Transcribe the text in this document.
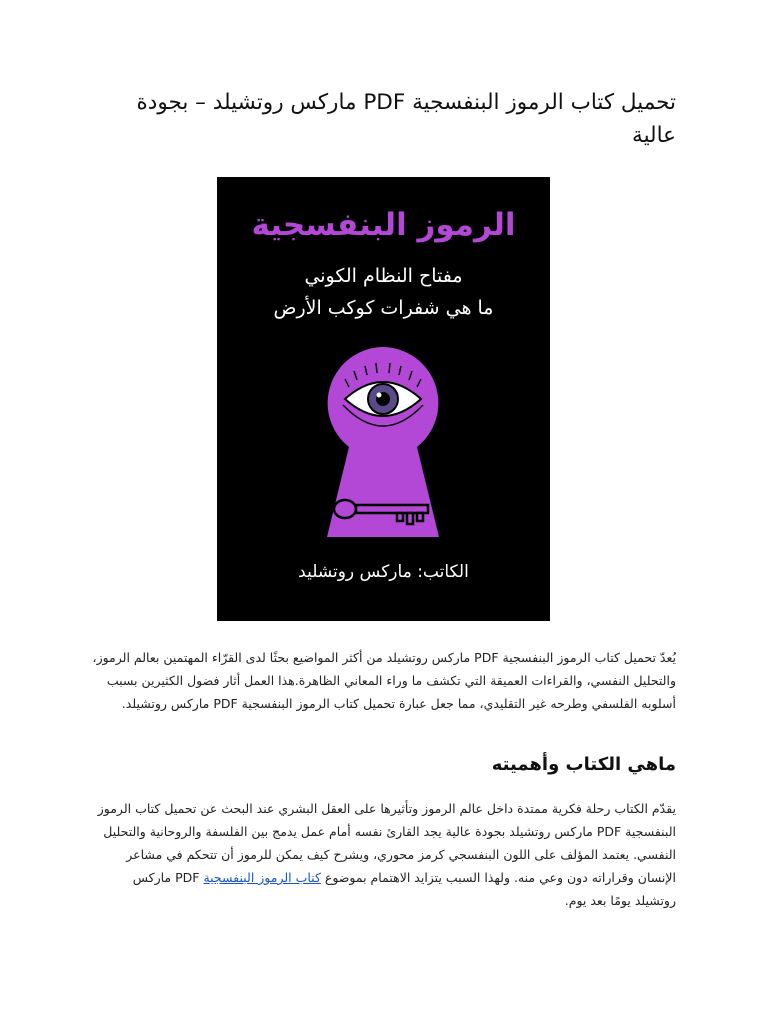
تحميل كتاب الرموز البنفسجية PDF ماركس روتشيلد – بجودة عالية
الرموز البنفسجية
مفتاح النظام الكوني
ما هي شفرات كوكب الأرض
الكاتب: ماركس روتشليد

يُعدّ تحميل كتاب الرموز البنفسجية PDF ماركس روتشيلد من أكثر المواضيع بحثًا لدى القرّاء المهتمين بعالم الرموز، والتحليل النفسي، والقراءات العميقة التي تكشف ما وراء المعاني الظاهرة.هذا العمل أثار فضول الكثيرين بسبب أسلوبه الفلسفي وطرحه غير التقليدي، مما جعل عبارة تحميل كتاب الرموز البنفسجية PDF ماركس روتشيلد.

ماهي الكتاب وأهميته

يقدّم الكتاب رحلة فكرية ممتدة داخل عالم الرموز وتأثيرها على العقل البشري عند البحث عن تحميل كتاب الرموز البنفسجية PDF ماركس روتشيلد بجودة عالية يجد القارئ نفسه أمام عمل يدمج بين الفلسفة والروحانية والتحليل النفسي. يعتمد المؤلف على اللون البنفسجي كرمز محوري، ويشرح كيف يمكن للرموز أن تتحكم في مشاعر الإنسان وقراراته دون وعي منه. ولهذا السبب يتزايد الاهتمام بموضوع كتاب الرموز البنفسجية PDF ماركس روتشيلد يومًا بعد يوم.
